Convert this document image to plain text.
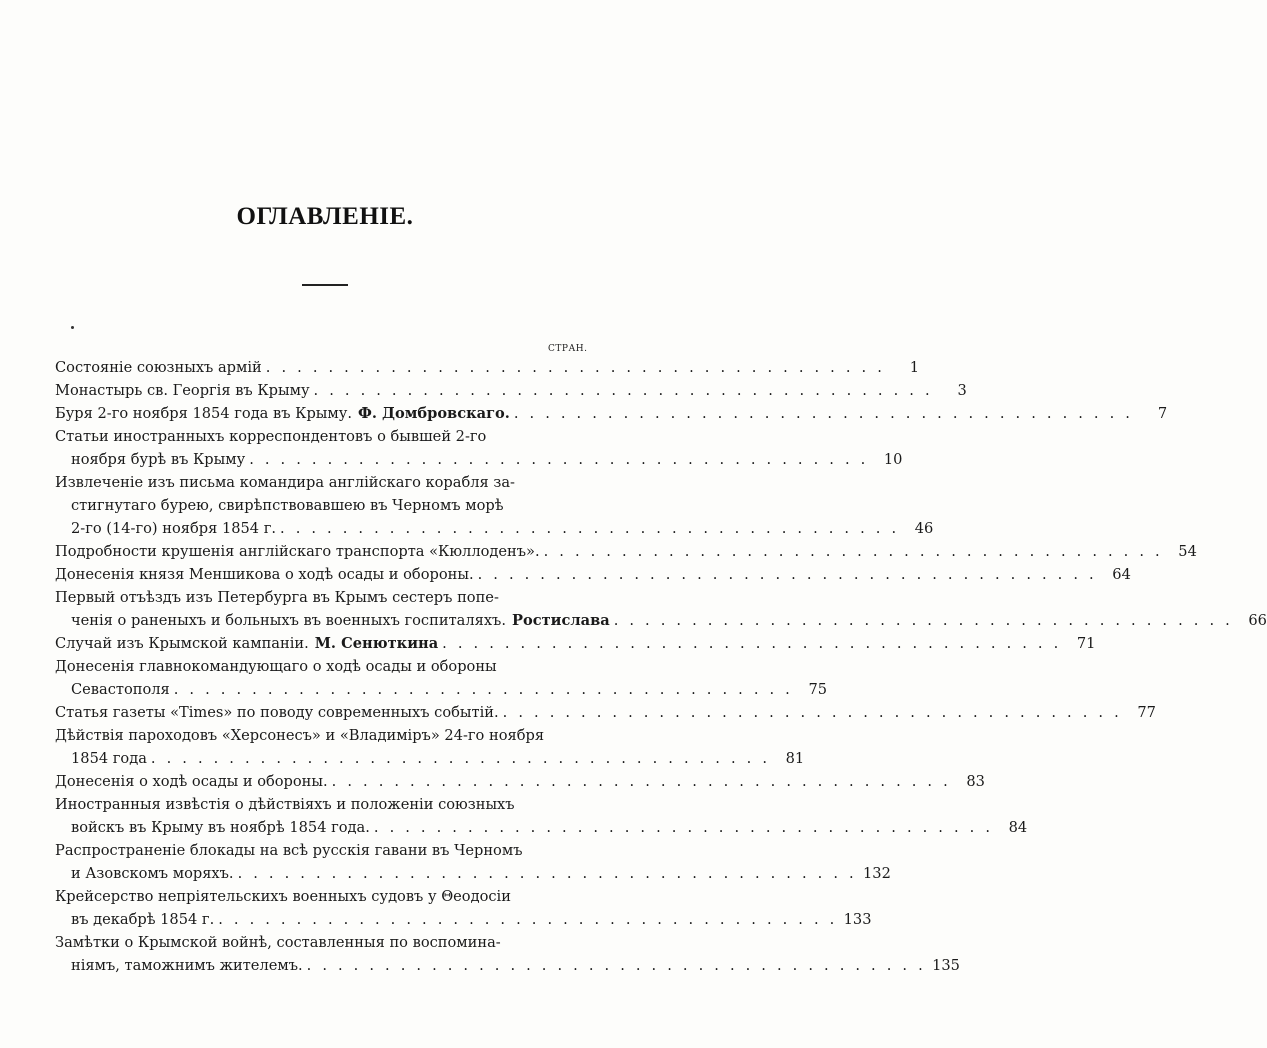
ОГЛАВЛЕНІЕ.
СТРАН.
Состояніе союзныхъ армій . . . . . . . . . . . . . . . . . . . . . . . . . . . . . . . . . . . . . . . .	1
Монастырь св. Георгія въ Крыму . . . . . . . . . . . . . . . . . . . . . . . . . . . . . . . . . . . . . . . .	3
Буря 2-го ноября 1854 года въ Крыму. Ф. Домбровскаго. . . . . . . . . . . . . . . . . . . . . . . . . . . . . . . . . . . . . . . . .	7
Статьи иностранныхъ корреспондентовъ о бывшей 2-го
ноября бурѣ въ Крыму . . . . . . . . . . . . . . . . . . . . . . . . . . . . . . . . . . . . . . . .	10
Извлеченіе изъ письма командира англійскаго корабля за-
стигнутаго бурею, свирѣпствовавшею въ Черномъ морѣ
2-го (14-го) ноября 1854 г. . . . . . . . . . . . . . . . . . . . . . . . . . . . . . . . . . . . . . . . .	46
Подробности крушенія англійскаго транспорта «Кюллоденъ». . . . . . . . . . . . . . . . . . . . . . . . . . . . . . . . . . . . . . . . .	54
Донесенія князя Меншикова о ходѣ осады и обороны. . . . . . . . . . . . . . . . . . . . . . . . . . . . . . . . . . . . . . . . .	64
Первый отъѣздъ изъ Петербурга въ Крымъ сестеръ попе-
ченія о раненыхъ и больныхъ въ военныхъ госпиталяхъ. Ростислава . . . . . . . . . . . . . . . . . . . . . . . . . . . . . . . . . . . . . . . .	66
Случай изъ Крымской кампаніи. М. Сенюткина . . . . . . . . . . . . . . . . . . . . . . . . . . . . . . . . . . . . . . . .	71
Донесенія главнокомандующаго о ходѣ осады и обороны
Севастополя . . . . . . . . . . . . . . . . . . . . . . . . . . . . . . . . . . . . . . . .	75
Статья газеты «Times» по поводу современныхъ событій. . . . . . . . . . . . . . . . . . . . . . . . . . . . . . . . . . . . . . . . .	77
Дѣйствія пароходовъ «Херсонесъ» и «Владиміръ» 24-го ноября
1854 года . . . . . . . . . . . . . . . . . . . . . . . . . . . . . . . . . . . . . . . .	81
Донесенія о ходѣ осады и обороны. . . . . . . . . . . . . . . . . . . . . . . . . . . . . . . . . . . . . . . . .	83
Иностранныя извѣстія о дѣйствіяхъ и положеніи союзныхъ
войскъ въ Крыму въ ноябрѣ 1854 года. . . . . . . . . . . . . . . . . . . . . . . . . . . . . . . . . . . . . . . . .	84
Распространеніе блокады на всѣ русскія гавани въ Черномъ
и Азовскомъ моряхъ. . . . . . . . . . . . . . . . . . . . . . . . . . . . . . . . . . . . . . . . . 132
Крейсерство непріятельскихъ военныхъ судовъ у Θеодосіи
въ декабрѣ 1854 г. . . . . . . . . . . . . . . . . . . . . . . . . . . . . . . . . . . . . . . . . 133
Замѣтки о Крымской войнѣ, составленныя по воспомина-
ніямъ, таможнимъ жителемъ. . . . . . . . . . . . . . . . . . . . . . . . . . . . . . . . . . . . . . . . . 135
